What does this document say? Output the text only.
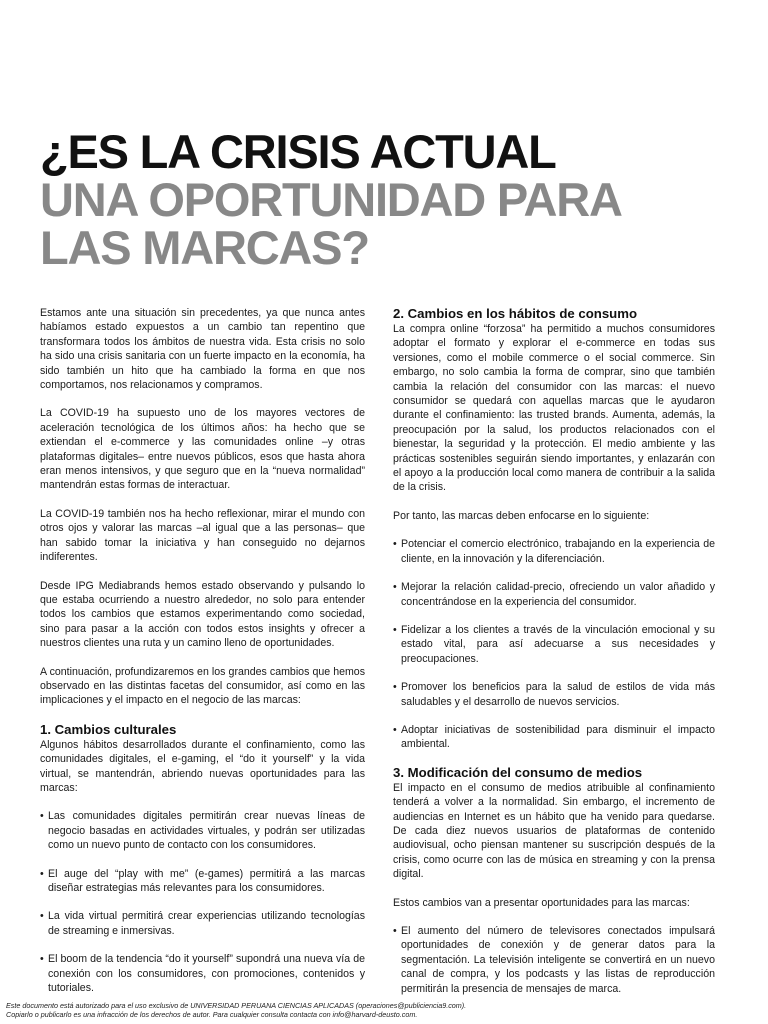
¿ES LA CRISIS ACTUAL
UNA OPORTUNIDAD PARA
LAS MARCAS?

Estamos ante una situación sin precedentes, ya que nunca antes habíamos estado expuestos a un cambio tan repentino que transformara todos los ámbitos de nuestra vida. Esta crisis no solo ha sido una crisis sanitaria con un fuerte impacto en la economía, ha sido también un hito que ha cambiado la forma en que nos comportamos, nos relacionamos y compramos.

La COVID-19 ha supuesto uno de los mayores vectores de aceleración tecnológica de los últimos años: ha hecho que se extiendan el e-commerce y las comunidades online –y otras plataformas digitales– entre nuevos públicos, esos que hasta ahora eran menos intensivos, y que seguro que en la “nueva normalidad” mantendrán estas formas de interactuar.

La COVID-19 también nos ha hecho reflexionar, mirar el mundo con otros ojos y valorar las marcas –al igual que a las personas– que han sabido tomar la iniciativa y han conseguido no dejarnos indiferentes.

Desde IPG Mediabrands hemos estado observando y pulsando lo que estaba ocurriendo a nuestro alrededor, no solo para entender todos los cambios que estamos experimentando como sociedad, sino para pasar a la acción con todos estos insights y ofrecer a nuestros clientes una ruta y un camino lleno de oportunidades.

A continuación, profundizaremos en los grandes cambios que hemos observado en las distintas facetas del consumidor, así como en las implicaciones y el impacto en el negocio de las marcas:

1. Cambios culturales

Algunos hábitos desarrollados durante el confinamiento, como las comunidades digitales, el e-gaming, el “do it yourself” y la vida virtual, se mantendrán, abriendo nuevas oportunidades para las marcas:

• Las comunidades digitales permitirán crear nuevas líneas de negocio basadas en actividades virtuales, y podrán ser utilizadas como un nuevo punto de contacto con los consumidores.
• El auge del “play with me” (e-games) permitirá a las marcas diseñar estrategias más relevantes para los consumidores.
• La vida virtual permitirá crear experiencias utilizando tecnologías de streaming e inmersivas.
• El boom de la tendencia “do it yourself” supondrá una nueva vía de conexión con los consumidores, con promociones, contenidos y tutoriales.
2. Cambios en los hábitos de consumo

La compra online “forzosa” ha permitido a muchos consumidores adoptar el formato y explorar el e-commerce en todas sus versiones, como el mobile commerce o el social commerce. Sin embargo, no solo cambia la forma de comprar, sino que también cambia la relación del consumidor con las marcas: el nuevo consumidor se quedará con aquellas marcas que le ayudaron durante el confinamiento: las trusted brands. Aumenta, además, la preocupación por la salud, los productos relacionados con el bienestar, la seguridad y la protección. El medio ambiente y las prácticas sostenibles seguirán siendo importantes, y enlazarán con el apoyo a la producción local como manera de contribuir a la salida de la crisis.

Por tanto, las marcas deben enfocarse en lo siguiente:

• Potenciar el comercio electrónico, trabajando en la experiencia de cliente, en la innovación y la diferenciación.
• Mejorar la relación calidad-precio, ofreciendo un valor añadido y concentrándose en la experiencia del consumidor.
• Fidelizar a los clientes a través de la vinculación emocional y su estado vital, para así adecuarse a sus necesidades y preocupaciones.
• Promover los beneficios para la salud de estilos de vida más saludables y el desarrollo de nuevos servicios.
• Adoptar iniciativas de sostenibilidad para disminuir el impacto ambiental.
3. Modificación del consumo de medios

El impacto en el consumo de medios atribuible al confinamiento tenderá a volver a la normalidad. Sin embargo, el incremento de audiencias en Internet es un hábito que ha venido para quedarse. De cada diez nuevos usuarios de plataformas de contenido audiovisual, ocho piensan mantener su suscripción después de la crisis, como ocurre con las de música en streaming y con la prensa digital.

Estos cambios van a presentar oportunidades para las marcas:

• El aumento del número de televisores conectados impulsará oportunidades de conexión y de generar datos para la segmentación. La televisión inteligente se convertirá en un nuevo canal de compra, y los podcasts y las listas de reproducción permitirán la presencia de mensajes de marca.
Este documento está autorizado para el uso exclusivo de UNIVERSIDAD PERUANA CIENCIAS APLICADAS (operaciones@publiciencia9.com).
Copiarlo o publicarlo es una infracción de los derechos de autor. Para cualquier consulta contacta con info@harvard-deusto.com.
